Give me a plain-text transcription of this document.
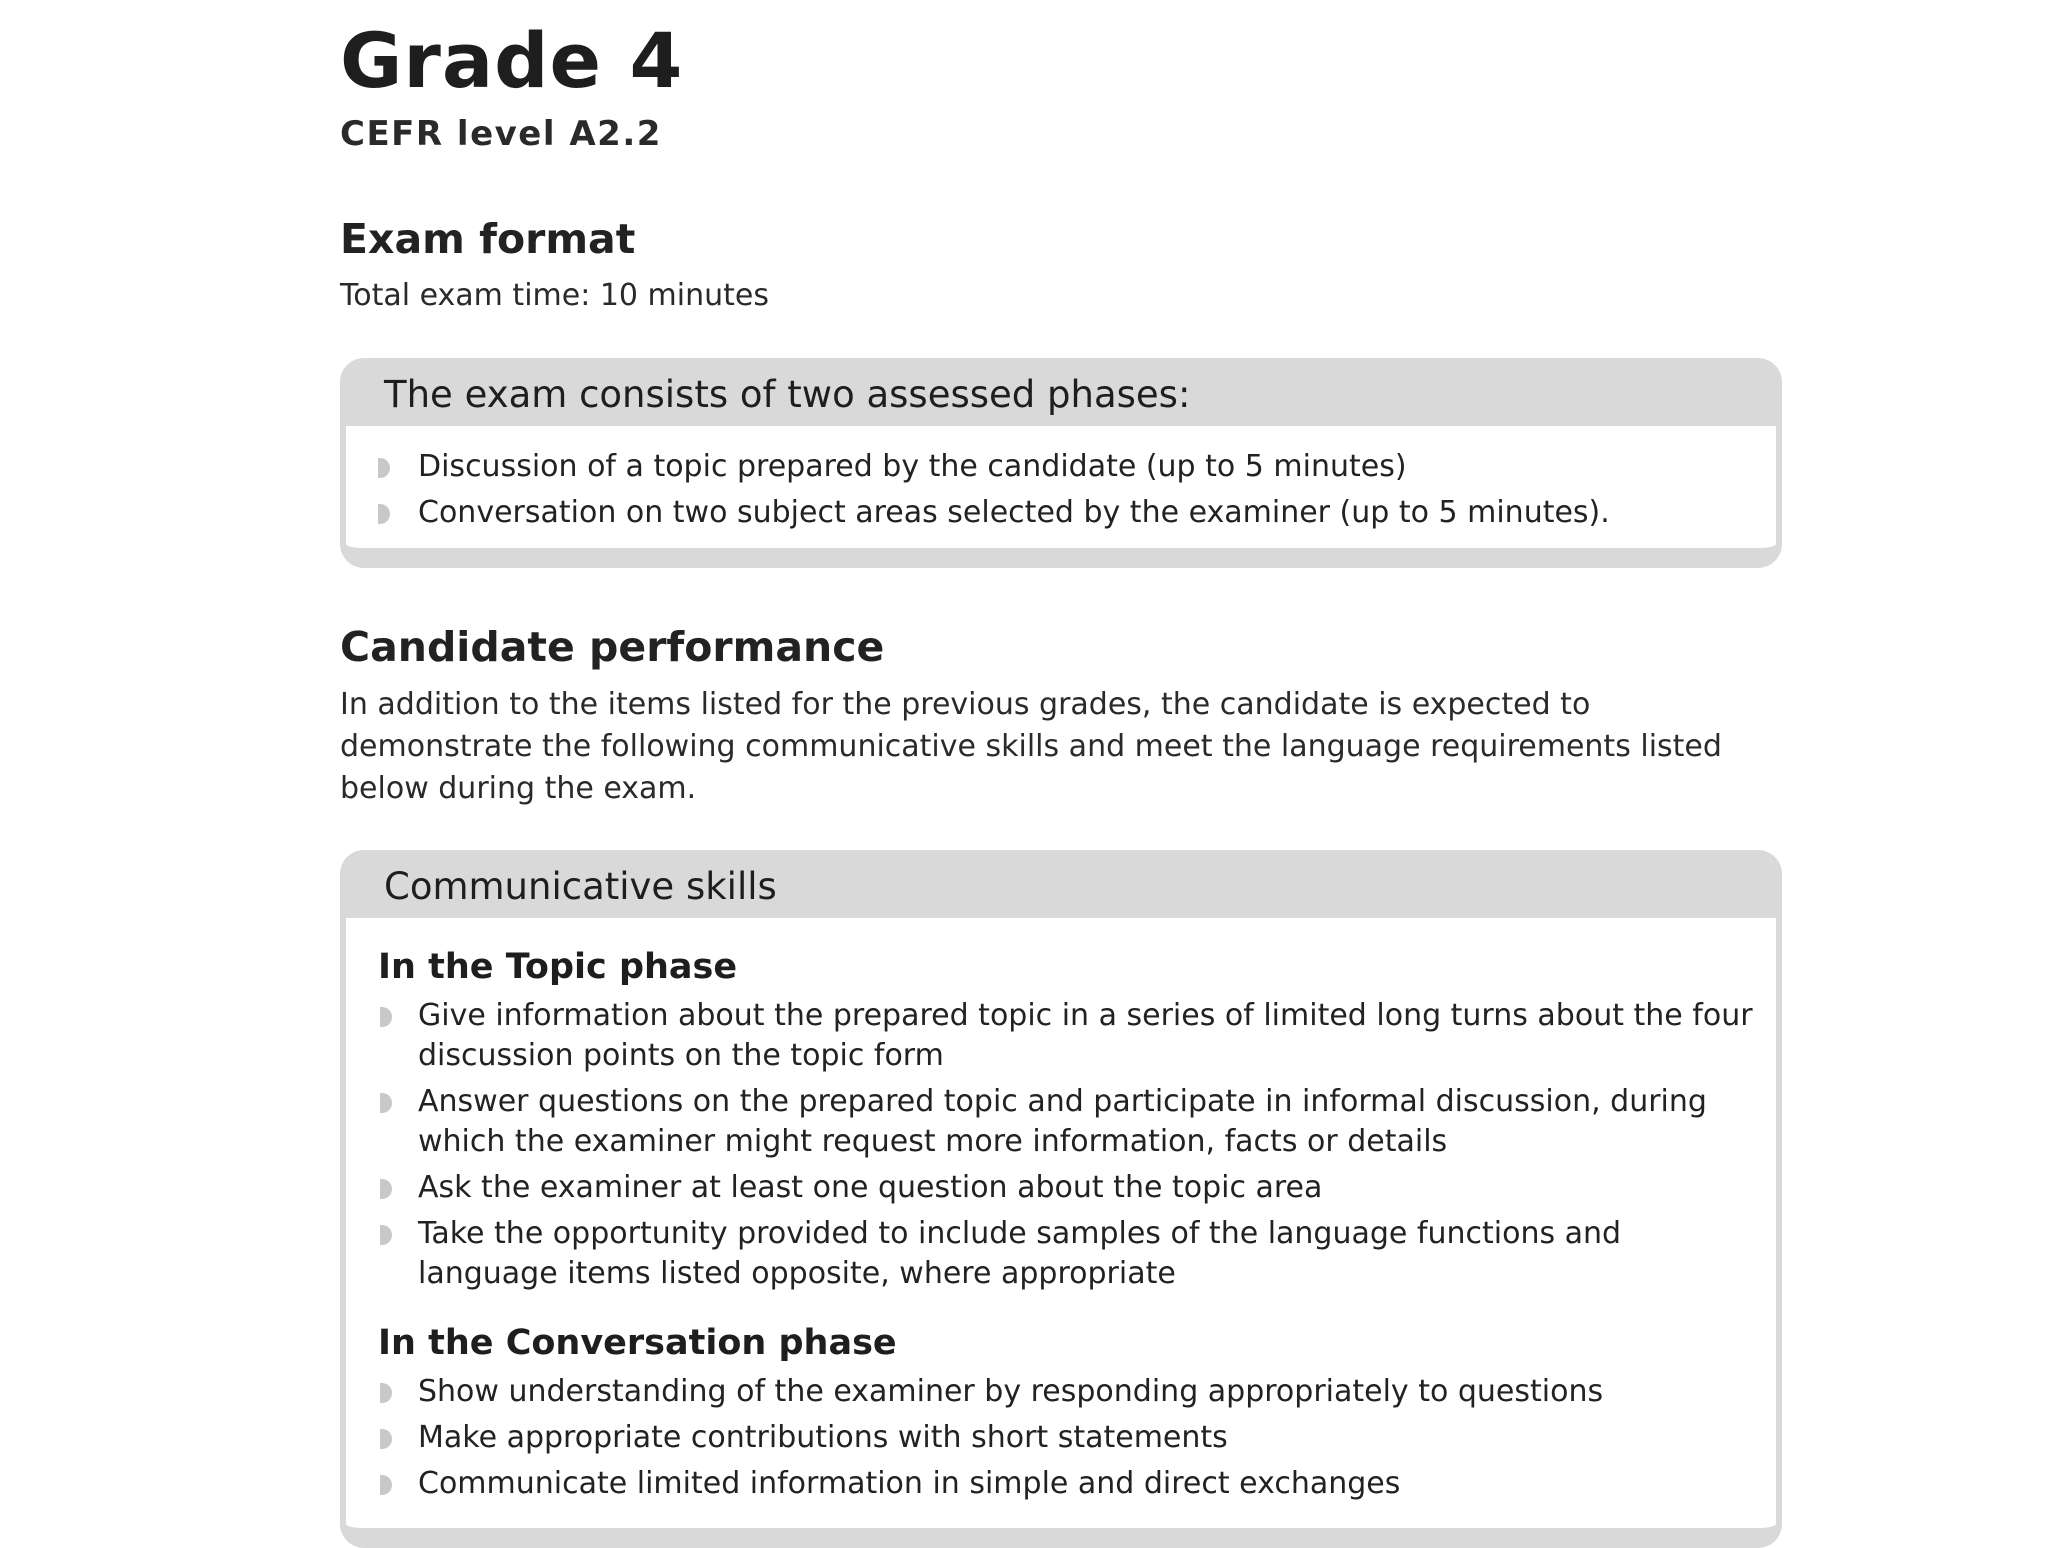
Grade 4
CEFR level A2.2
Exam format
Total exam time: 10 minutes
The exam consists of two assessed phases:
Discussion of a topic prepared by the candidate (up to 5 minutes)
Conversation on two subject areas selected by the examiner (up to 5 minutes).
Candidate performance
In addition to the items listed for the previous grades, the candidate is expected to demonstrate the following communicative skills and meet the language requirements listed below during the exam.
Communicative skills
In the Topic phase
Give information about the prepared topic in a series of limited long turns about the four discussion points on the topic form
Answer questions on the prepared topic and participate in informal discussion, during which the examiner might request more information, facts or details
Ask the examiner at least one question about the topic area
Take the opportunity provided to include samples of the language functions and language items listed opposite, where appropriate
In the Conversation phase
Show understanding of the examiner by responding appropriately to questions
Make appropriate contributions with short statements
Communicate limited information in simple and direct exchanges
